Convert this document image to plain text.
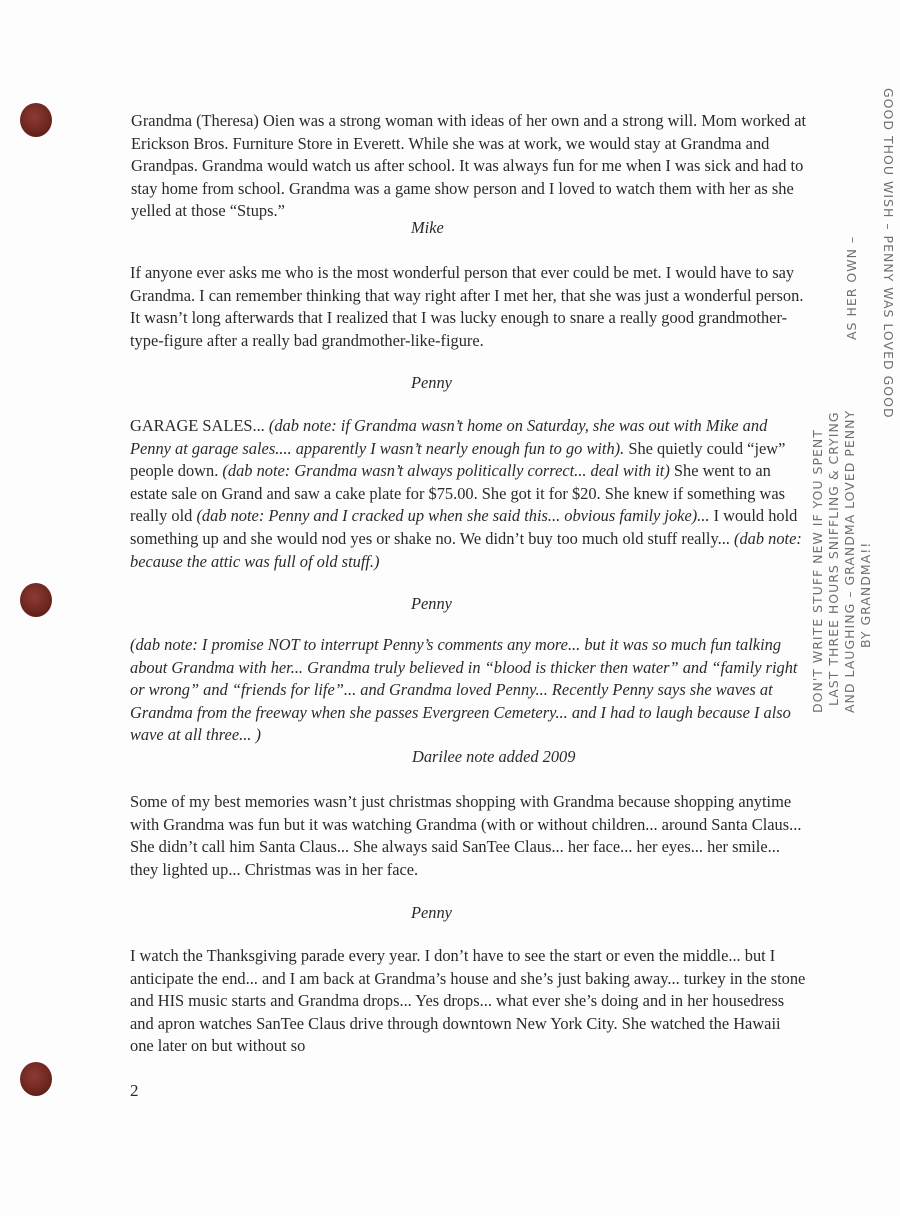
Grandma (Theresa) Oien was a strong woman with ideas of her own and a strong will. Mom worked at Erickson Bros. Furniture Store in Everett. While she was at work, we would stay at Grandma and Grandpas. Grandma would watch us after school. It was always fun for me when I was sick and had to stay home from school. Grandma was a game show person and I loved to watch them with her as she yelled at those “Stups.”

Mike

If anyone ever asks me who is the most wonderful person that ever could be met. I would have to say Grandma. I can remember thinking that way right after I met her, that she was just a wonderful person. It wasn’t long afterwards that I realized that I was lucky enough to snare a really good grandmother-type-figure after a really bad grandmother-like-figure.

Penny

GARAGE SALES... (dab note: if Grandma wasn’t home on Saturday, she was out with Mike and Penny at garage sales.... apparently I wasn’t nearly enough fun to go with). She quietly could “jew” people down. (dab note: Grandma wasn’t always politically correct... deal with it) She went to an estate sale on Grand and saw a cake plate for $75.00. She got it for $20. She knew if something was really old (dab note: Penny and I cracked up when she said this... obvious family joke)... I would hold something up and she would nod yes or shake no. We didn’t buy too much old stuff really... (dab note: because the attic was full of old stuff.)

Penny

(dab note: I promise NOT to interrupt Penny’s comments any more... but it was so much fun talking about Grandma with her... Grandma truly believed in “blood is thicker then water” and “family right or wrong” and “friends for life”... and Grandma loved Penny... Recently Penny says she waves at Grandma from the freeway when she passes Evergreen Cemetery... and I had to laugh because I also wave at all three... )

Darilee note added 2009

Some of my best memories wasn’t just christmas shopping with Grandma because shopping anytime with Grandma was fun but it was watching Grandma (with or without children... around Santa Claus... She didn’t call him Santa Claus... She always said SanTee Claus... her face... her eyes... her smile... they lighted up... Christmas was in her face.

Penny

I watch the Thanksgiving parade every year. I don’t have to see the start or even the middle... but I anticipate the end... and I am back at Grandma’s house and she’s just baking away... turkey in the stone and HIS music starts and Grandma drops... Yes drops... what ever she’s doing and in her housedress and apron watches SanTee Claus drive through downtown New York City. She watched the Hawaii one later on but without so

GOOD THOU WISH – PENNY WAS LOVED GOOD
AS HER OWN –
LAST THREE HOURS SNIFFLING & CRYING
DON'T WRITE STUFF NEW IF YOU SPENT AND LAUGHING – GRANDMA LOVED PENNY BY GRANDMA!!
2
